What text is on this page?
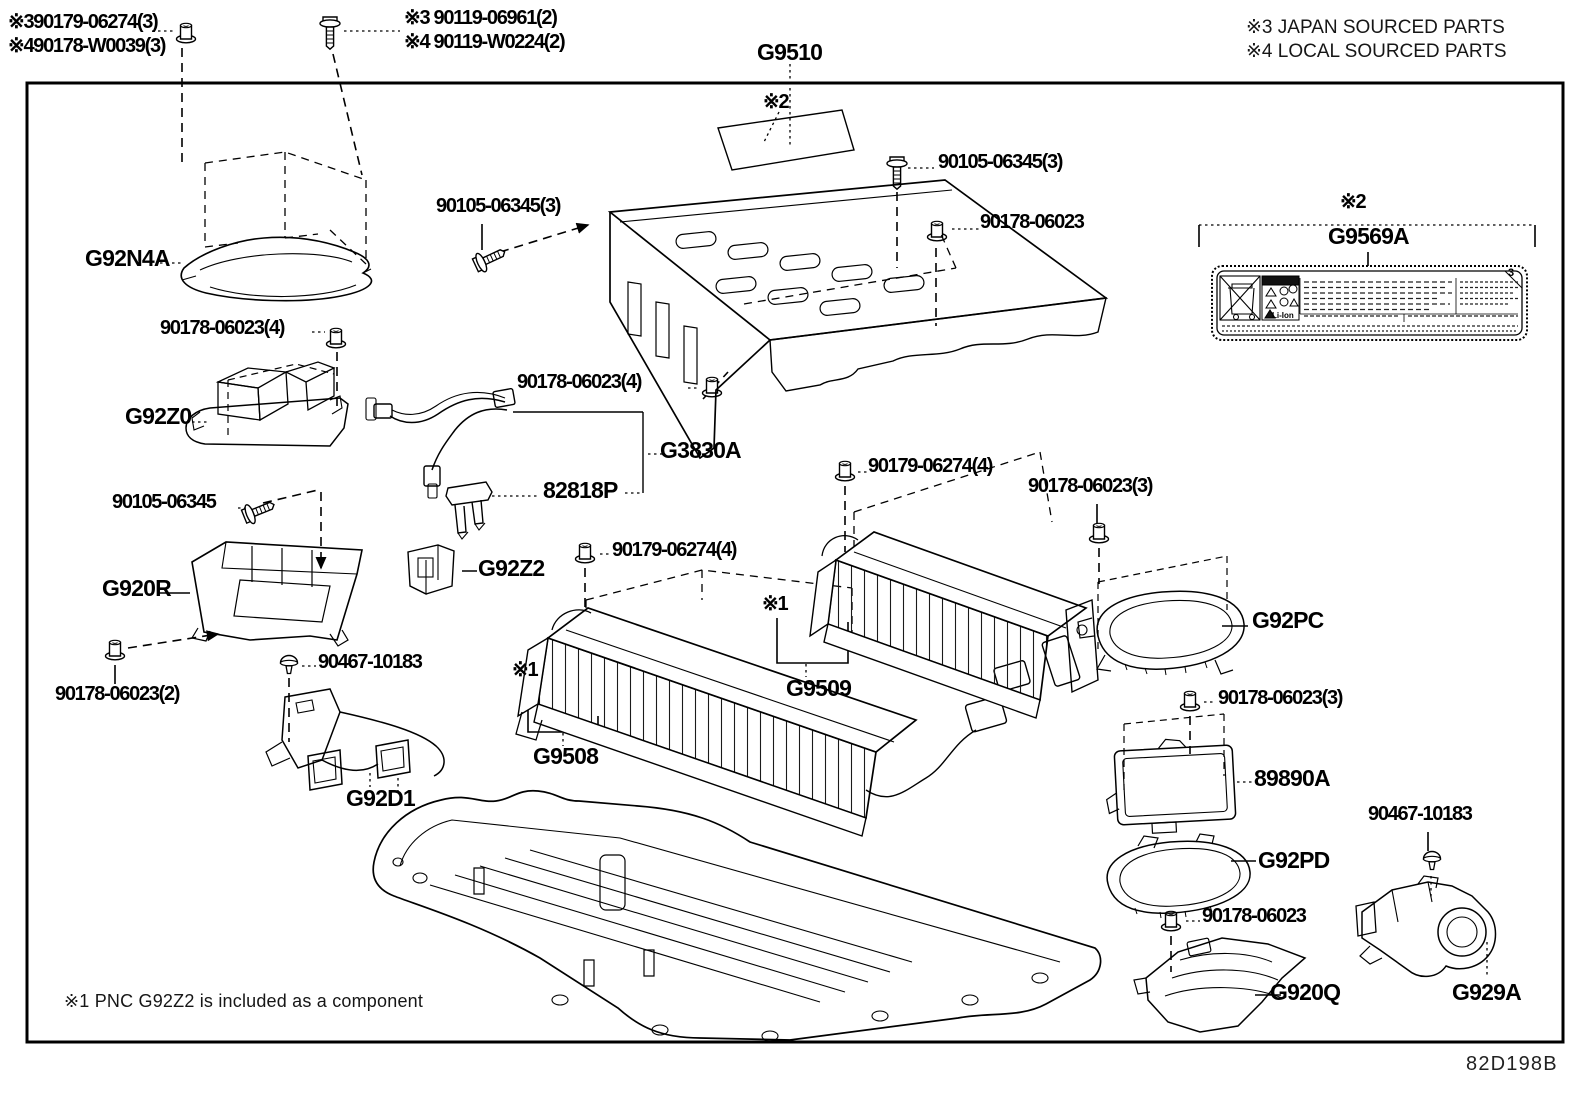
※390179-06274(3)
※490178-W0039(3)
※3 90119-06961(2)
※4 90119-W0224(2)	G9510
※3 JAPAN SOURCED PARTS
※4 LOCAL SOURCED PARTS
※2
90105-06345(3)
90178-06023
G92N4A
90105-06345(3)
90178-06023(4)
G92Z0
90178-06023(4)
G3830A
82818P
90105-06345
G920R
G92Z2
90179-06274(4)
90178-06023(2)
90467-10183
G92D1
※1
G9508
※1
G9509
90179-06274(4)
90178-06023(3)
G92PC
※2
G9569A
90178-06023(3)
89890A
G92PD
90467-10183
90178-06023
G920Q	G929A
※1 PNC G92Z2 is included as a component
82D198B
Li-Ion
3
